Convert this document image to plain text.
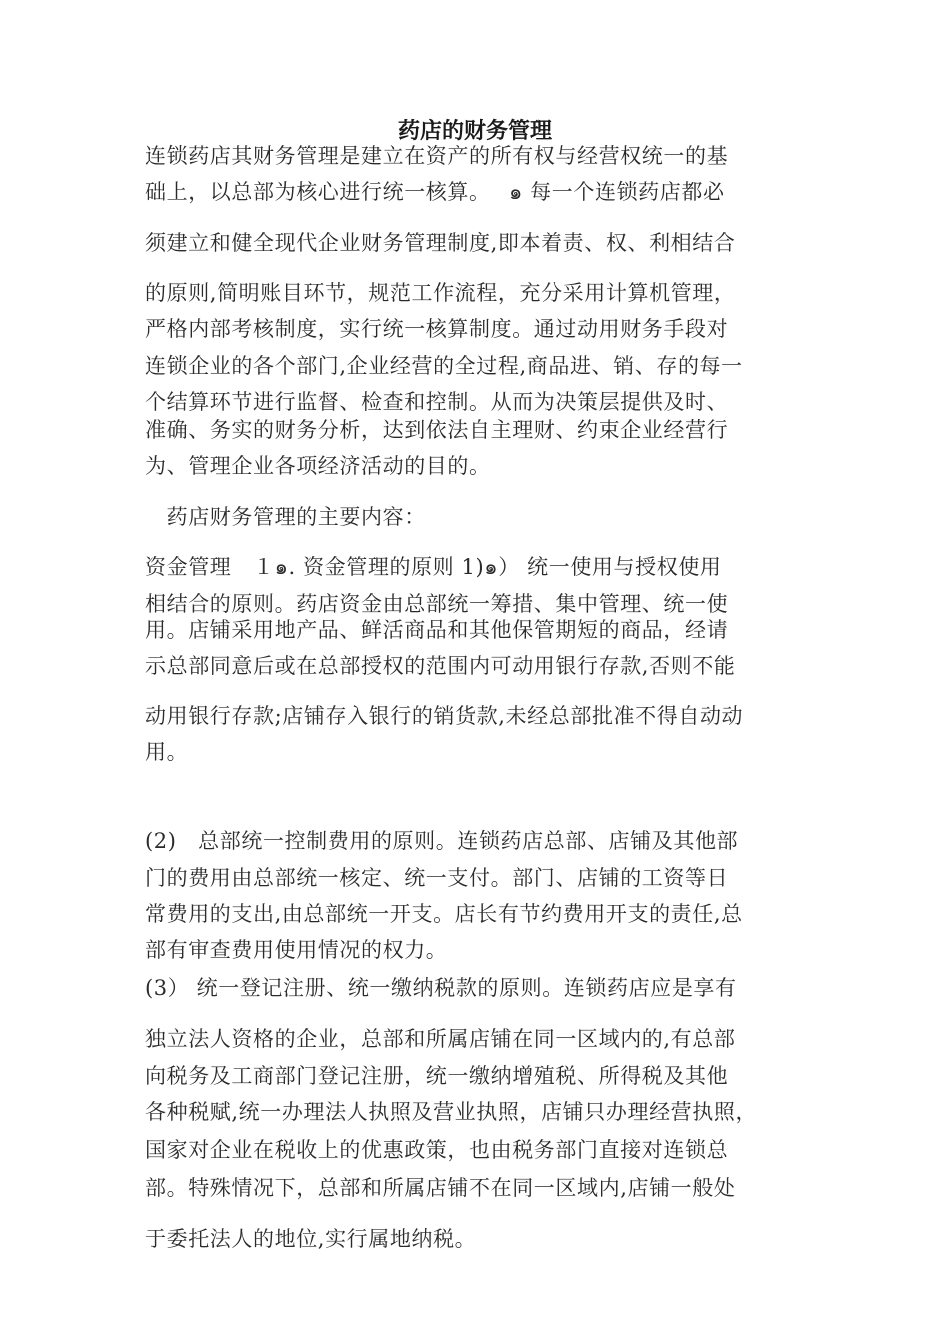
药店的财务管理
连锁药店其财务管理是建立在资产的所有权与经营权统一的基
础上，以总部为核心进行统一核算。　 ๑ 每一个连锁药店都必
须建立和健全现代企业财务管理制度,即本着责、权、利相结合
的原则,简明账目环节，规范工作流程，充分采用计算机管理，
严格内部考核制度，实行统一核算制度。通过动用财务手段对
连锁企业的各个部门,企业经营的全过程,商品进、销、存的每一
个结算环节进行监督、检查和控制。从而为决策层提供及时、
准确、务实的财务分析，达到依法自主理财、约束企业经营行
为、管理企业各项经济活动的目的。
　药店财务管理的主要内容：
资金管理　１๑. 资金管理的原则 1)๑） 统一使用与授权使用
相结合的原则。药店资金由总部统一筹措、集中管理、统一使
用。店铺采用地产品、鲜活商品和其他保管期短的商品，经请
示总部同意后或在总部授权的范围内可动用银行存款,否则不能
动用银行存款;店铺存入银行的销货款,未经总部批准不得自动动
用。
(2)　总部统一控制费用的原则。连锁药店总部、店铺及其他部
门的费用由总部统一核定、统一支付。部门、店铺的工资等日
常费用的支出,由总部统一开支。店长有节约费用开支的责任,总
部有审查费用使用情况的权力。
(3） 统一登记注册、统一缴纳税款的原则。连锁药店应是享有
独立法人资格的企业，总部和所属店铺在同一区域内的,有总部
向税务及工商部门登记注册，统一缴纳增殖税、所得税及其他
各种税赋,统一办理法人执照及营业执照，店铺只办理经营执照，
国家对企业在税收上的优惠政策，也由税务部门直接对连锁总
部。特殊情况下，总部和所属店铺不在同一区域内,店铺一般处
于委托法人的地位,实行属地纳税。
